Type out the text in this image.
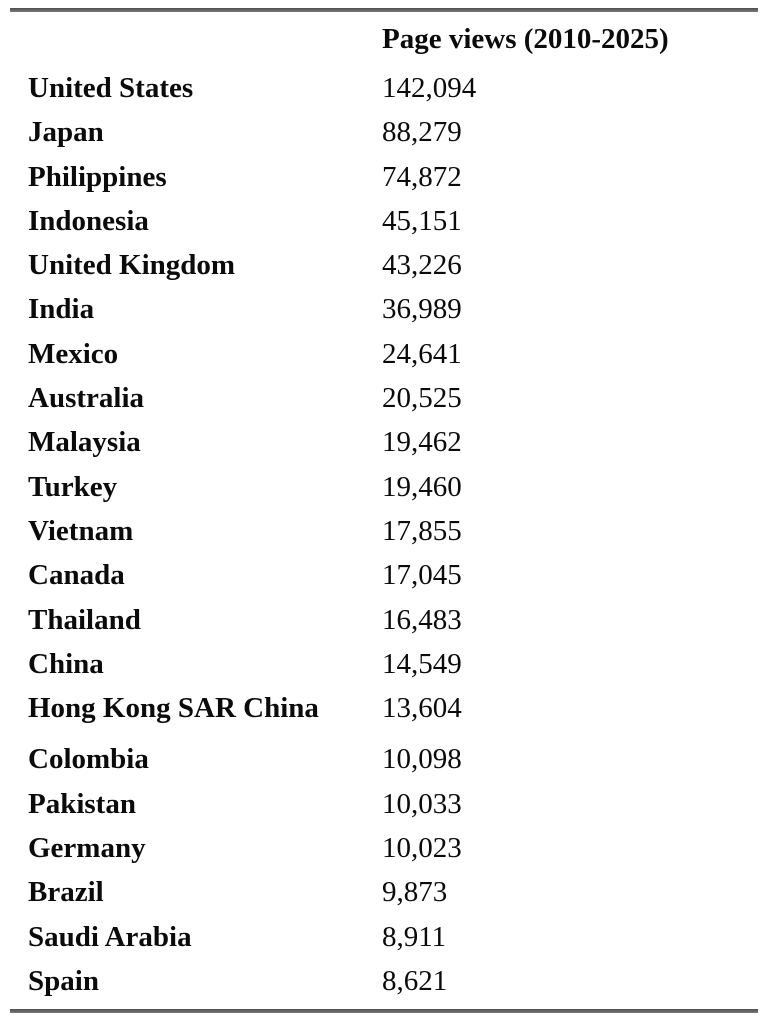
Page views (2010-2025)
United States	142,094
Japan	88,279
Philippines	74,872
Indonesia	45,151
United Kingdom	43,226
India	36,989
Mexico	24,641
Australia	20,525
Malaysia	19,462
Turkey	19,460
Vietnam	17,855
Canada	17,045
Thailand	16,483
China	14,549
Hong Kong SAR China	13,604
Colombia	10,098
Pakistan	10,033
Germany	10,023
Brazil	9,873
Saudi Arabia	8,911
Spain	8,621
